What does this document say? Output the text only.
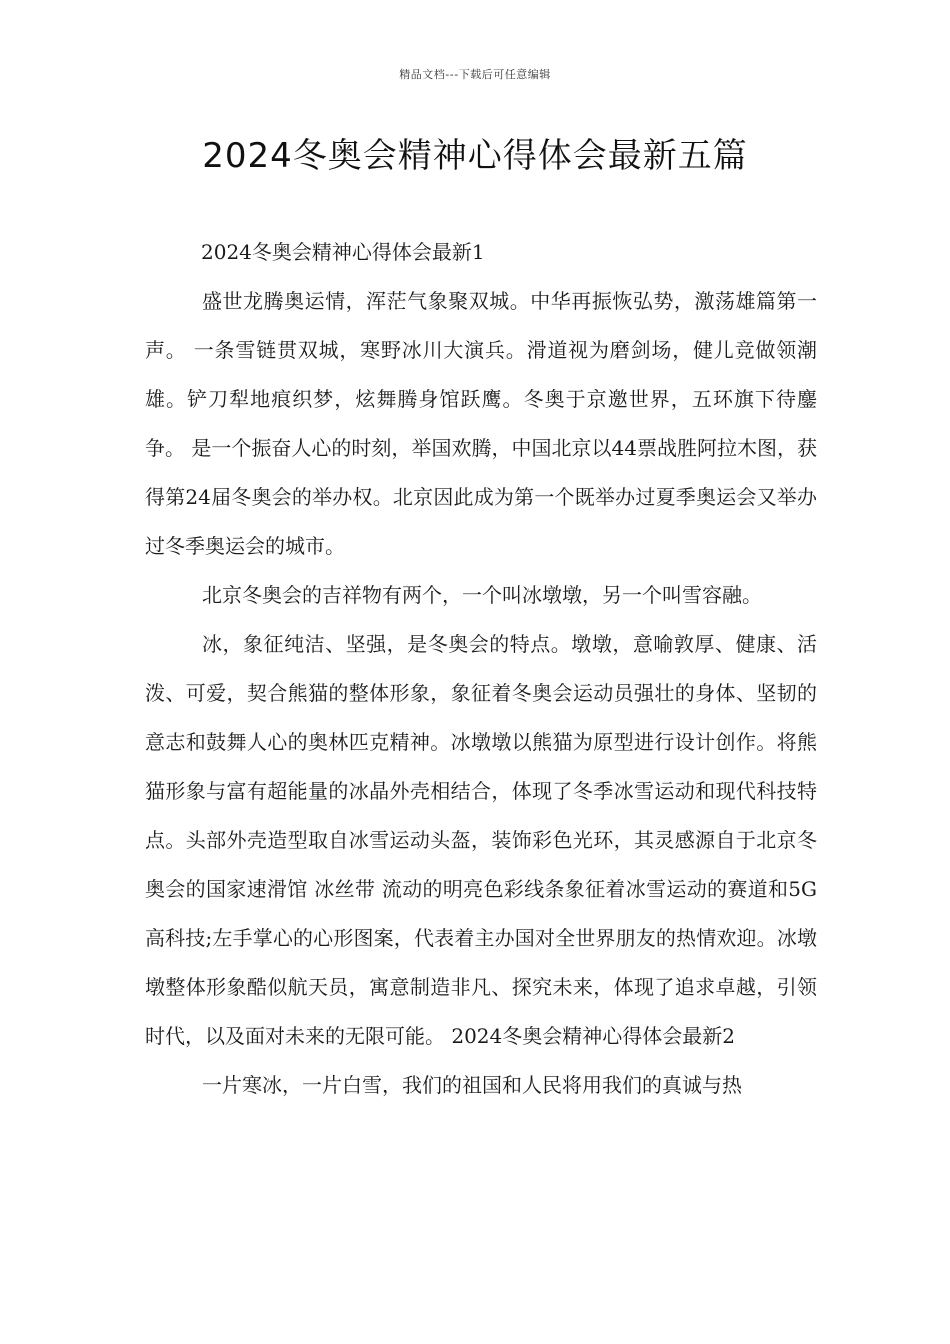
精品文档---下载后可任意编辑
2024冬奥会精神心得体会最新五篇

2024冬奥会精神心得体会最新1

盛世龙腾奥运情，浑茫气象聚双城。中华再振恢弘势，激荡雄篇第一声。 一条雪链贯双城，寒野冰川大演兵。滑道视为磨剑场，健儿竞做领潮雄。铲刀犁地痕织梦，炫舞腾身馆跃鹰。冬奥于京邀世界，五环旗下待鏖争。 是一个振奋人心的时刻，举国欢腾，中国北京以44票战胜阿拉木图，获得第24届冬奥会的举办权。北京因此成为第一个既举办过夏季奥运会又举办过冬季奥运会的城市。

北京冬奥会的吉祥物有两个，一个叫冰墩墩，另一个叫雪容融。

冰，象征纯洁、坚强，是冬奥会的特点。墩墩，意喻敦厚、健康、活泼、可爱，契合熊猫的整体形象，象征着冬奥会运动员强壮的身体、坚韧的意志和鼓舞人心的奥林匹克精神。冰墩墩以熊猫为原型进行设计创作。将熊猫形象与富有超能量的冰晶外壳相结合，体现了冬季冰雪运动和现代科技特点。头部外壳造型取自冰雪运动头盔，装饰彩色光环，其灵感源自于北京冬奥会的国家速滑馆 冰丝带 流动的明亮色彩线条象征着冰雪运动的赛道和5G高科技;左手掌心的心形图案，代表着主办国对全世界朋友的热情欢迎。冰墩墩整体形象酷似航天员，寓意制造非凡、探究未来，体现了追求卓越，引领时代，以及面对未来的无限可能。 2024冬奥会精神心得体会最新2

一片寒冰，一片白雪，我们的祖国和人民将用我们的真诚与热
